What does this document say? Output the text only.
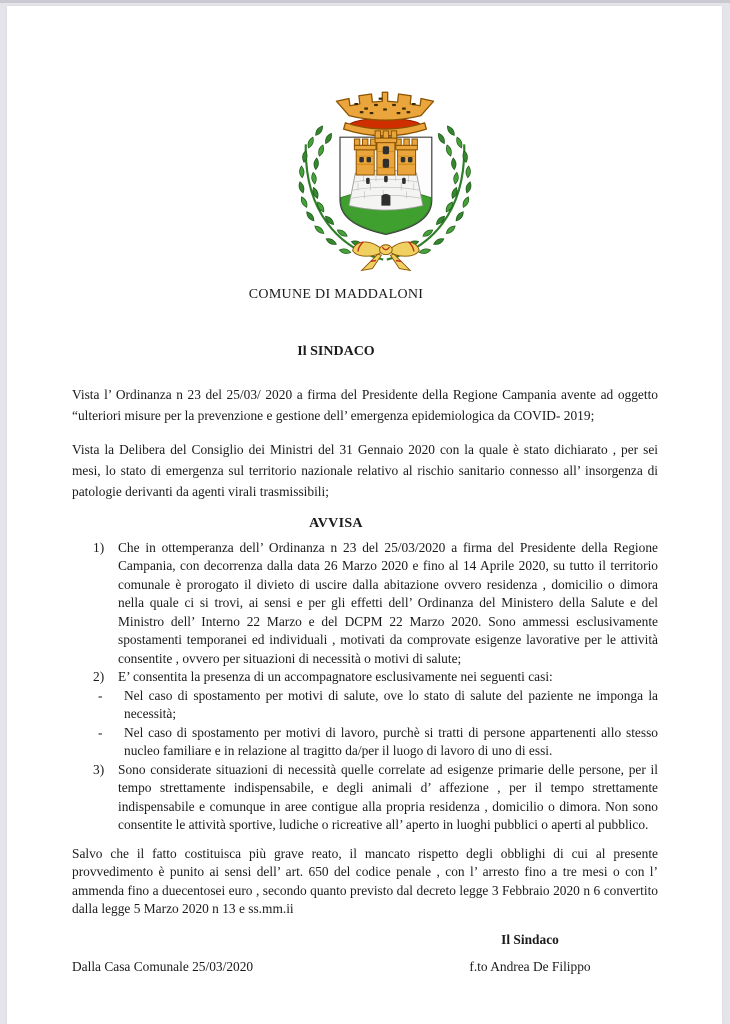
COMUNE DI MADDALONI
Il SINDACO

Vista l’ Ordinanza n 23 del 25/03/ 2020 a firma del Presidente della Regione Campania avente ad oggetto “ulteriori misure per la prevenzione e gestione dell’ emergenza epidemiologica da COVID- 2019;

Vista la Delibera del Consiglio dei Ministri del 31 Gennaio 2020 con la quale è stato dichiarato , per sei mesi, lo stato di emergenza sul territorio nazionale relativo al rischio sanitario connesso all’ insorgenza di patologie derivanti da agenti virali trasmissibili;

AVVISA
1)	Che in ottemperanza dell’ Ordinanza n 23 del 25/03/2020 a firma del Presidente della Regione Campania, con decorrenza dalla data 26 Marzo 2020 e fino al 14 Aprile 2020, su tutto il territorio comunale è prorogato il divieto di uscire dalla abitazione ovvero residenza , domicilio o dimora nella quale ci si trovi, ai sensi e per gli effetti dell’ Ordinanza del Ministero della Salute e del Ministro dell’ Interno 22 Marzo e del DCPM 22 Marzo 2020. Sono ammessi esclusivamente spostamenti temporanei ed individuali , motivati da comprovate esigenze lavorative per le attività consentite , ovvero per situazioni di necessità o motivi di salute;
2)	E’ consentita la presenza di un accompagnatore esclusivamente nei seguenti casi:
-	Nel caso di spostamento per motivi di salute, ove lo stato di salute del paziente ne imponga la necessità;
-	Nel caso di spostamento per motivi di lavoro, purchè si tratti di persone appartenenti allo stesso nucleo familiare e in relazione al tragitto da/per il luogo di lavoro di uno di essi.
3)	Sono considerate situazioni di necessità quelle correlate ad esigenze primarie delle persone, per il tempo strettamente indispensabile, e degli animali d’ affezione , per il tempo strettamente indispensabile e comunque in aree contigue alla propria residenza , domicilio o dimora. Non sono consentite le attività sportive, ludiche o ricreative all’ aperto in luoghi pubblici o aperti al pubblico.

Salvo che il fatto costituisca più grave reato, il mancato rispetto degli obblighi di cui al presente provvedimento è punito ai sensi dell’ art. 650 del codice penale , con l’ arresto fino a tre mesi o con l’ ammenda fino a duecentosei euro , secondo quanto previsto dal decreto legge 3 Febbraio 2020 n 6 convertito dalla legge 5 Marzo 2020 n 13 e ss.mm.ii

Il Sindaco
Dalla Casa Comunale 25/03/2020	f.to Andrea De Filippo
